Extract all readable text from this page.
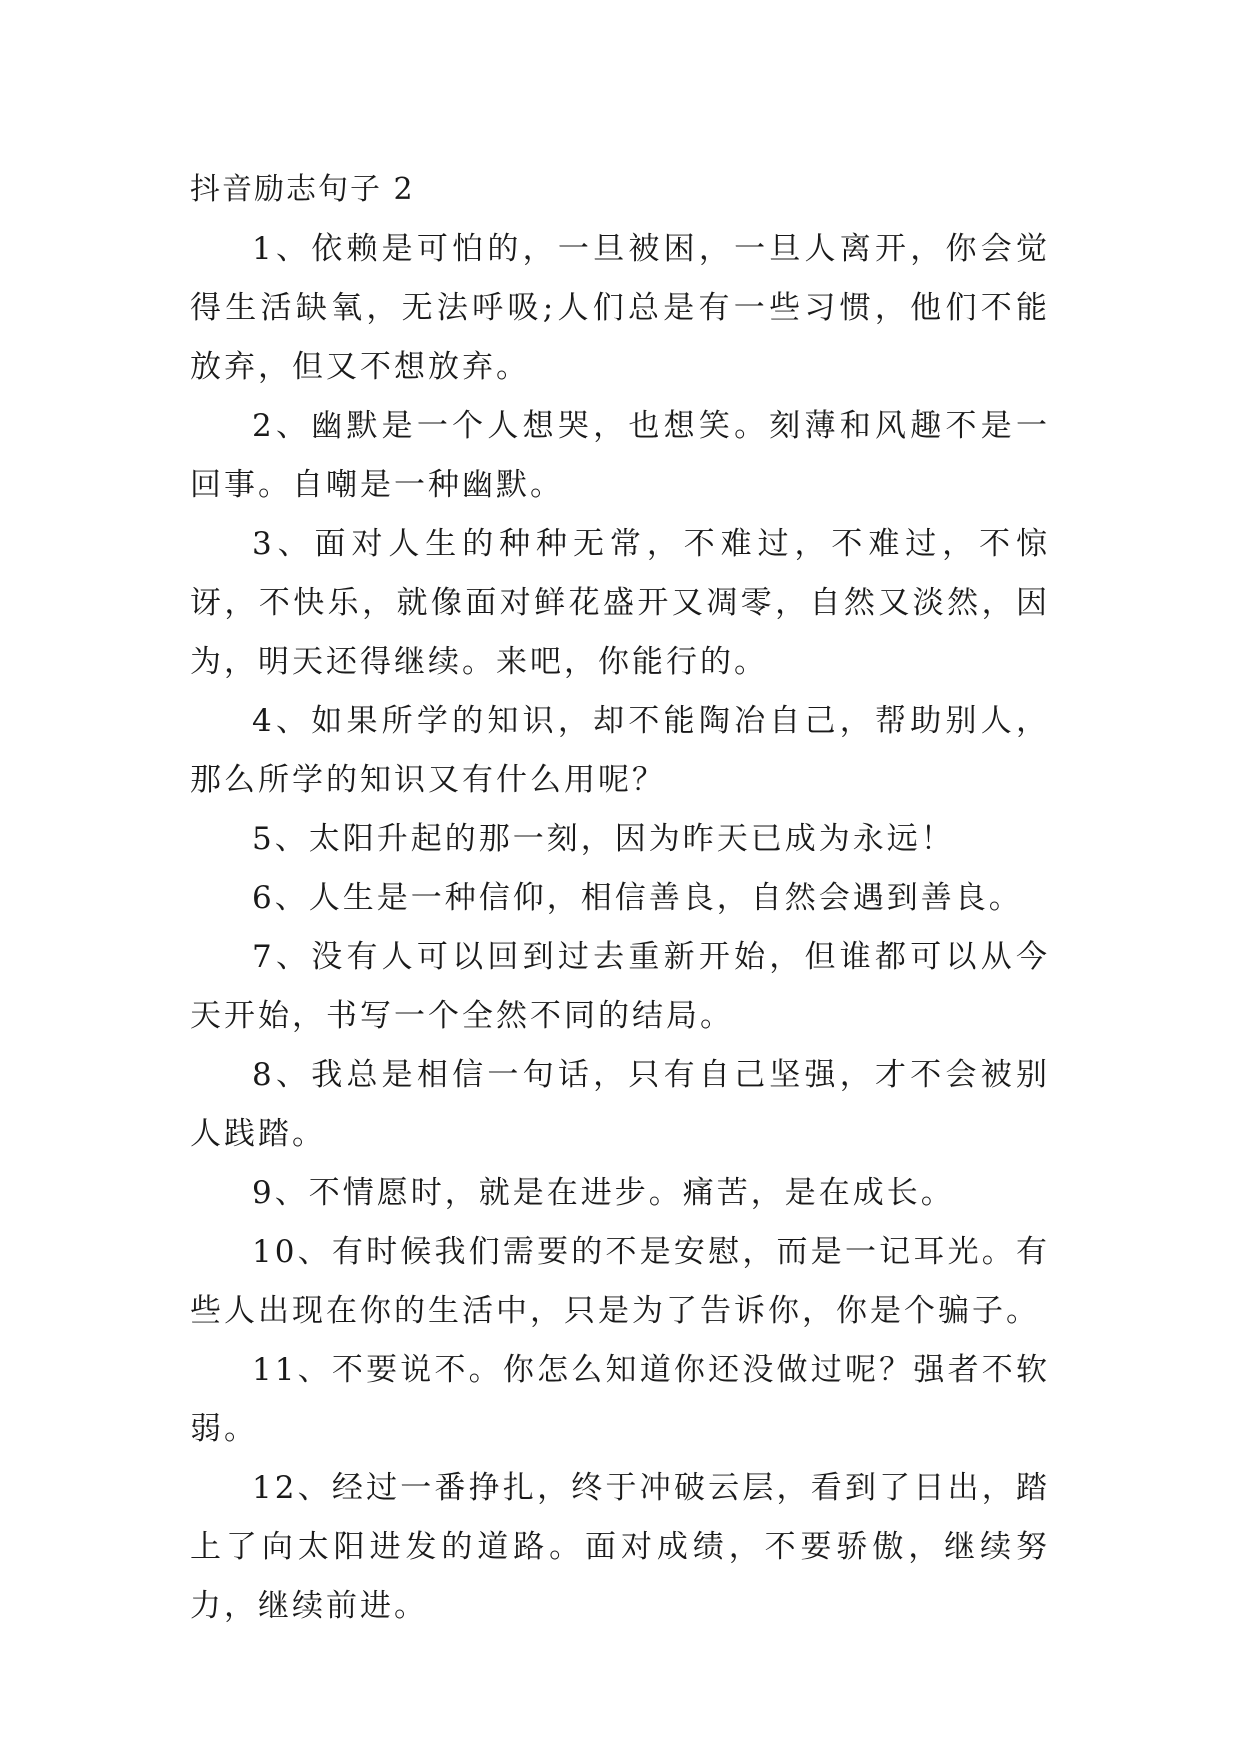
抖音励志句子 2

1、依赖是可怕的，一旦被困，一旦人离开，你会觉得生活缺氧，无法呼吸;人们总是有一些习惯，他们不能放弃，但又不想放弃。

2、幽默是一个人想哭，也想笑。刻薄和风趣不是一回事。自嘲是一种幽默。

3、面对人生的种种无常，不难过，不难过，不惊讶，不快乐，就像面对鲜花盛开又凋零，自然又淡然，因为，明天还得继续。来吧，你能行的。

4、如果所学的知识，却不能陶冶自己，帮助别人，那么所学的知识又有什么用呢？

5、太阳升起的那一刻，因为昨天已成为永远！

6、人生是一种信仰，相信善良，自然会遇到善良。

7、没有人可以回到过去重新开始，但谁都可以从今天开始，书写一个全然不同的结局。

8、我总是相信一句话，只有自己坚强，才不会被别人践踏。

9、不情愿时，就是在进步。痛苦，是在成长。

10、有时候我们需要的不是安慰，而是一记耳光。有些人出现在你的生活中，只是为了告诉你，你是个骗子。

11、不要说不。你怎么知道你还没做过呢？强者不软弱。

12、经过一番挣扎，终于冲破云层，看到了日出，踏上了向太阳进发的道路。面对成绩，不要骄傲，继续努力，继续前进。
